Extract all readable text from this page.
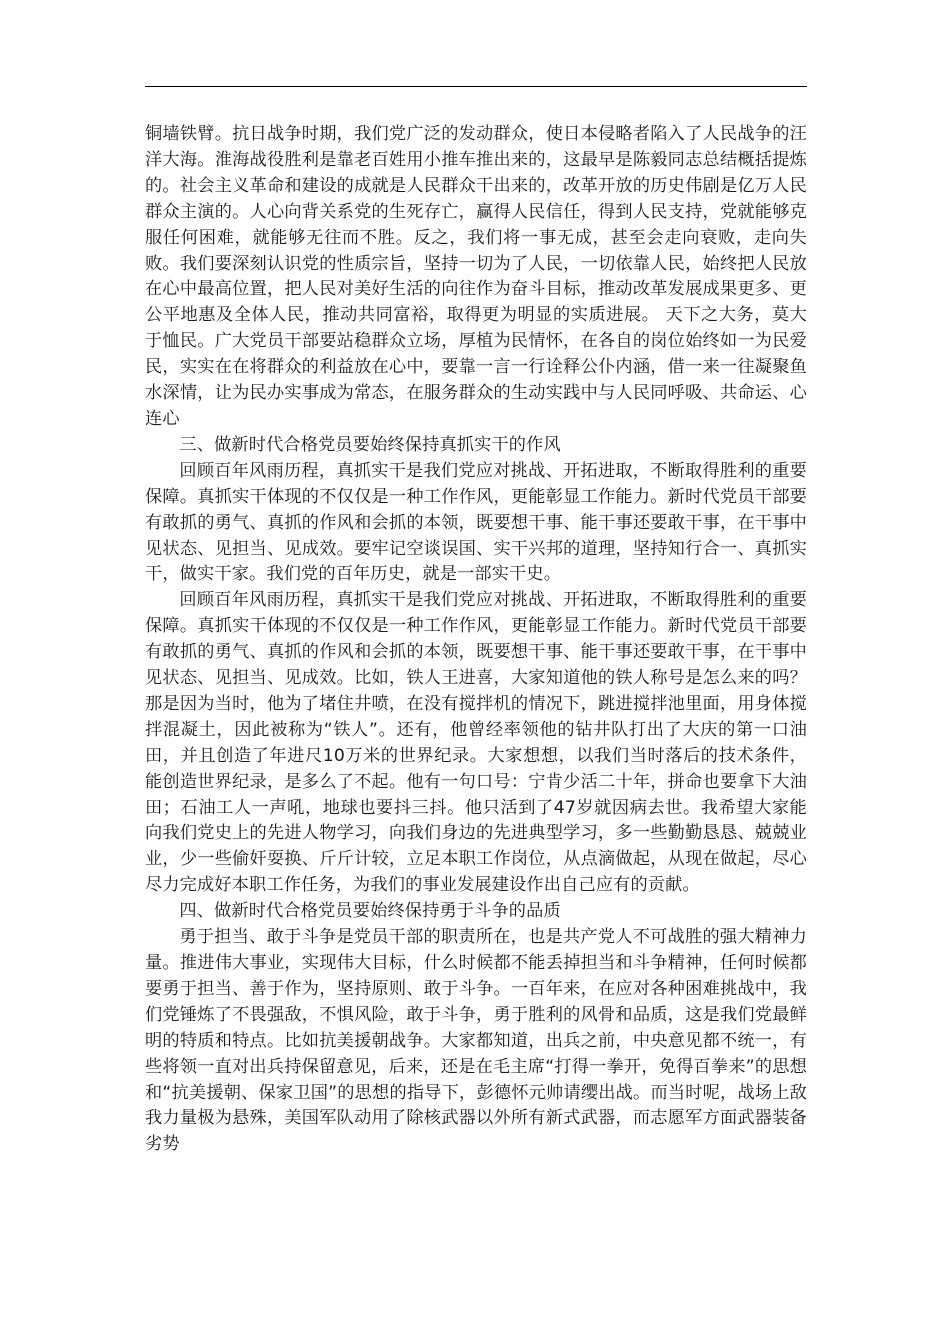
铜墙铁臂。抗日战争时期，我们党广泛的发动群众，使日本侵略者陷入了人民战争的汪洋大海。淮海战役胜利是靠老百姓用小推车推出来的，这最早是陈毅同志总结概括提炼的。社会主义革命和建设的成就是人民群众干出来的，改革开放的历史伟剧是亿万人民群众主演的。人心向背关系党的生死存亡，赢得人民信任，得到人民支持，党就能够克服任何困难，就能够无往而不胜。反之，我们将一事无成，甚至会走向衰败，走向失败。我们要深刻认识党的性质宗旨，坚持一切为了人民，一切依靠人民，始终把人民放在心中最高位置，把人民对美好生活的向往作为奋斗目标，推动改革发展成果更多、更公平地惠及全体人民，推动共同富裕，取得更为明显的实质进展。 天下之大务，莫大于恤民。广大党员干部要站稳群众立场，厚植为民情怀，在各自的岗位始终如一为民爱民，实实在在将群众的利益放在心中，要靠一言一行诠释公仆内涵，借一来一往凝聚鱼水深情，让为民办实事成为常态，在服务群众的生动实践中与人民同呼吸、共命运、心连心

三、做新时代合格党员要始终保持真抓实干的作风

回顾百年风雨历程，真抓实干是我们党应对挑战、开拓进取，不断取得胜利的重要保障。真抓实干体现的不仅仅是一种工作作风，更能彰显工作能力。新时代党员干部要有敢抓的勇气、真抓的作风和会抓的本领，既要想干事、能干事还要敢干事，在干事中见状态、见担当、见成效。要牢记空谈误国、实干兴邦的道理，坚持知行合一、真抓实干，做实干家。我们党的百年历史，就是一部实干史。

回顾百年风雨历程，真抓实干是我们党应对挑战、开拓进取，不断取得胜利的重要保障。真抓实干体现的不仅仅是一种工作作风，更能彰显工作能力。新时代党员干部要有敢抓的勇气、真抓的作风和会抓的本领，既要想干事、能干事还要敢干事，在干事中见状态、见担当、见成效。比如，铁人王进喜，大家知道他的铁人称号是怎么来的吗？那是因为当时，他为了堵住井喷，在没有搅拌机的情况下，跳进搅拌池里面，用身体搅拌混凝土，因此被称为“铁人”。还有，他曾经率领他的钻井队打出了大庆的第一口油田，并且创造了年进尺10万米的世界纪录。大家想想，以我们当时落后的技术条件，能创造世界纪录，是多么了不起。他有一句口号：宁肯少活二十年，拼命也要拿下大油田；石油工人一声吼，地球也要抖三抖。他只活到了47岁就因病去世。我希望大家能向我们党史上的先进人物学习，向我们身边的先进典型学习，多一些勤勤恳恳、兢兢业业，少一些偷奸耍换、斤斤计较，立足本职工作岗位，从点滴做起，从现在做起，尽心尽力完成好本职工作任务，为我们的事业发展建设作出自己应有的贡献。

四、做新时代合格党员要始终保持勇于斗争的品质

勇于担当、敢于斗争是党员干部的职责所在，也是共产党人不可战胜的强大精神力量。推进伟大事业，实现伟大目标，什么时候都不能丢掉担当和斗争精神，任何时候都要勇于担当、善于作为，坚持原则、敢于斗争。一百年来，在应对各种困难挑战中，我们党锤炼了不畏强敌，不惧风险，敢于斗争，勇于胜利的风骨和品质，这是我们党最鲜明的特质和特点。比如抗美援朝战争。大家都知道，出兵之前，中央意见都不统一，有些将领一直对出兵持保留意见，后来，还是在毛主席“打得一拳开，免得百拳来”的思想和“抗美援朝、保家卫国”的思想的指导下，彭德怀元帅请缨出战。而当时呢，战场上敌我力量极为悬殊，美国军队动用了除核武器以外所有新式武器，而志愿军方面武器装备劣势
